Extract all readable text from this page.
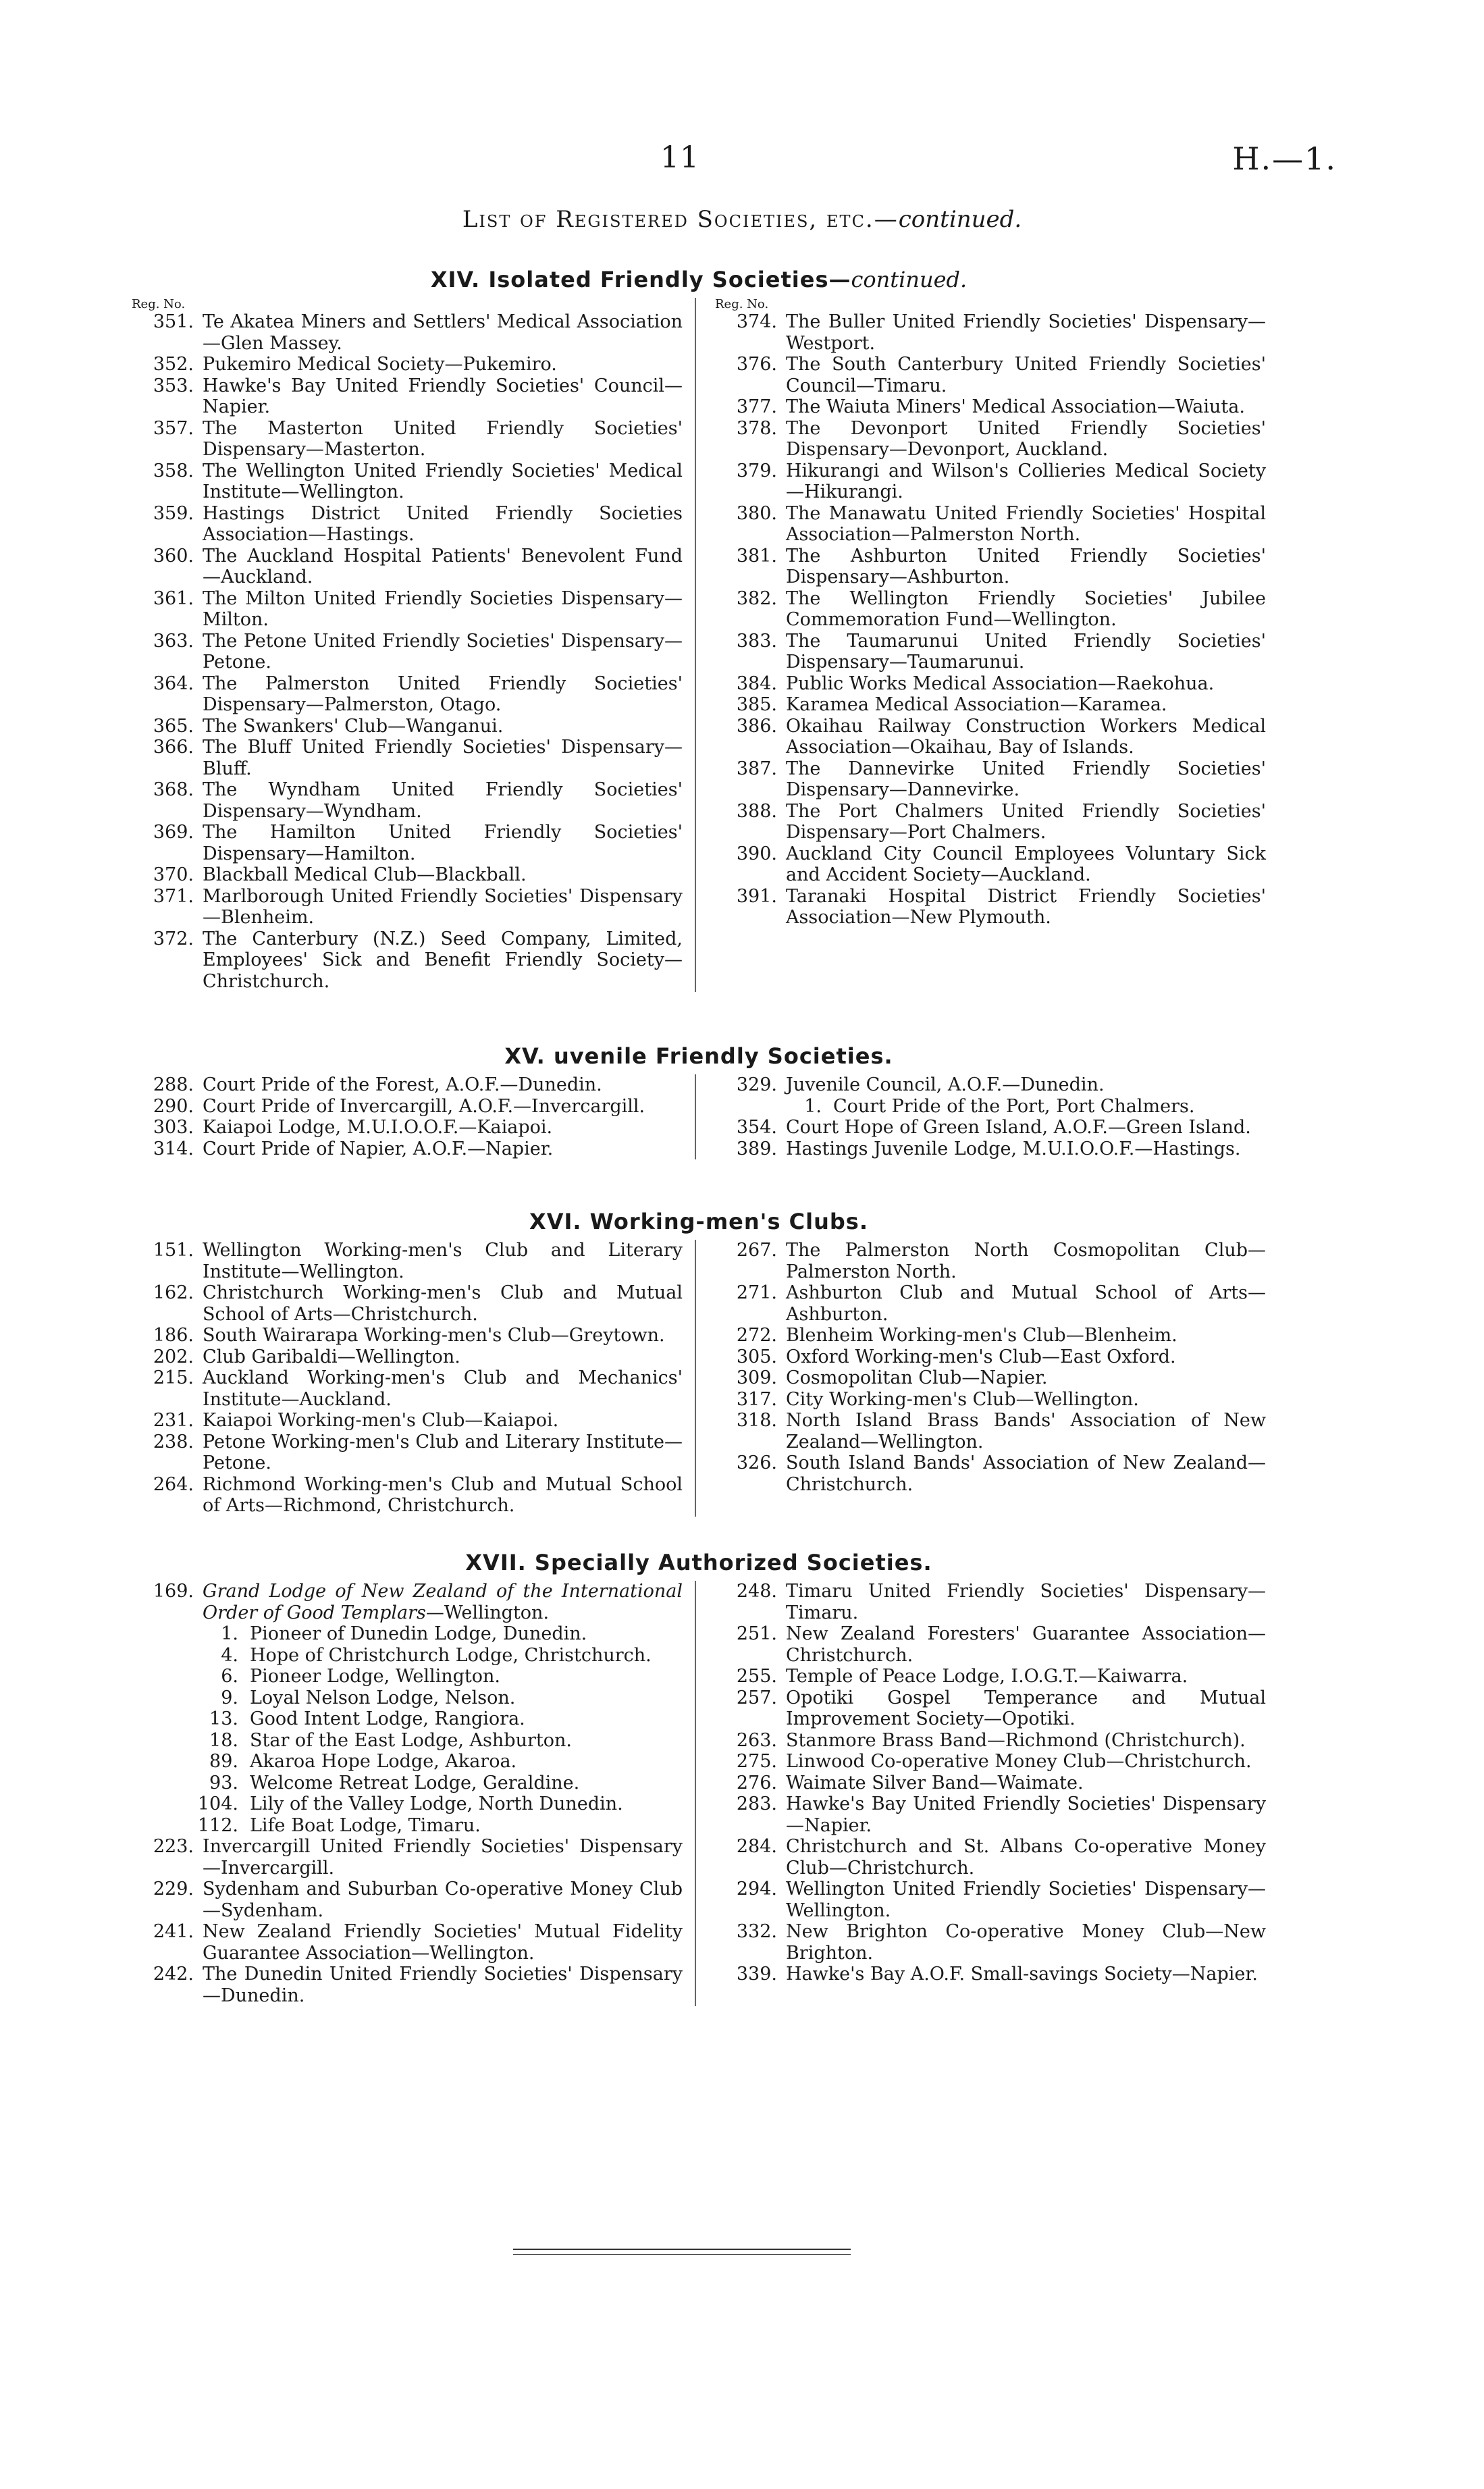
11	H.—1.
List of Registered Societies, etc.—continued.
XIV. Isolated Friendly Societies—continued.
Reg. No.
351. Te Akatea Miners and Settlers' Medical Association—Glen Massey.
352. Pukemiro Medical Society—Pukemiro.
353. Hawke's Bay United Friendly Societies' Council—Napier.
357. The Masterton United Friendly Societies' Dispensary—Masterton.
358. The Wellington United Friendly Societies' Medical Institute—Wellington.
359. Hastings District United Friendly Societies Association—Hastings.
360. The Auckland Hospital Patients' Benevolent Fund —Auckland.
361. The Milton United Friendly Societies Dispensary—Milton.
363. The Petone United Friendly Societies' Dispensary—Petone.
364. The Palmerston United Friendly Societies' Dispensary—Palmerston, Otago.
365. The Swankers' Club—Wanganui.
366. The Bluff United Friendly Societies' Dispensary—Bluff.
368. The Wyndham United Friendly Societies' Dispensary—Wyndham.
369. The Hamilton United Friendly Societies' Dispensary—Hamilton.
370. Blackball Medical Club—Blackball.
371. Marlborough United Friendly Societies' Dispensary —Blenheim.
372. The Canterbury (N.Z.) Seed Company, Limited, Employees' Sick and Benefit Friendly Society—Christchurch.
Reg. No.
374. The Buller United Friendly Societies' Dispensary—Westport.
376. The South Canterbury United Friendly Societies' Council—Timaru.
377. The Waiuta Miners' Medical Association—Waiuta.
378. The Devonport United Friendly Societies' Dispensary—Devonport, Auckland.
379. Hikurangi and Wilson's Collieries Medical Society—Hikurangi.
380. The Manawatu United Friendly Societies' Hospital Association—Palmerston North.
381. The Ashburton United Friendly Societies' Dispensary—Ashburton.
382. The Wellington Friendly Societies' Jubilee Commemoration Fund—Wellington.
383. The Taumarunui United Friendly Societies' Dispensary—Taumarunui.
384. Public Works Medical Association—Raekohua.
385. Karamea Medical Association—Karamea.
386. Okaihau Railway Construction Workers Medical Association—Okaihau, Bay of Islands.
387. The Dannevirke United Friendly Societies' Dispensary—Dannevirke.
388. The Port Chalmers United Friendly Societies' Dispensary—Port Chalmers.
390. Auckland City Council Employees Voluntary Sick and Accident Society—Auckland.
391. Taranaki Hospital District Friendly Societies' Association—New Plymouth.
XV. uvenile Friendly Societies.
288. Court Pride of the Forest, A.O.F.—Dunedin.
290. Court Pride of Invercargill, A.O.F.—Invercargill.
303. Kaiapoi Lodge, M.U.I.O.O.F.—Kaiapoi.
314. Court Pride of Napier, A.O.F.—Napier.
329. Juvenile Council, A.O.F.—Dunedin.
1. Court Pride of the Port, Port Chalmers.
354. Court Hope of Green Island, A.O.F.—Green Island.
389. Hastings Juvenile Lodge, M.U.I.O.O.F.—Hastings.
XVI. Working-men's Clubs.
151. Wellington Working-men's Club and Literary Institute—Wellington.
162. Christchurch Working-men's Club and Mutual School of Arts—Christchurch.
186. South Wairarapa Working-men's Club—Greytown.
202. Club Garibaldi—Wellington.
215. Auckland Working-men's Club and Mechanics' Institute—Auckland.
231. Kaiapoi Working-men's Club—Kaiapoi.
238. Petone Working-men's Club and Literary Institute—Petone.
264. Richmond Working-men's Club and Mutual School of Arts—Richmond, Christchurch.
267. The Palmerston North Cosmopolitan Club—Palmerston North.
271. Ashburton Club and Mutual School of Arts—Ashburton.
272. Blenheim Working-men's Club—Blenheim.
305. Oxford Working-men's Club—East Oxford.
309. Cosmopolitan Club—Napier.
317. City Working-men's Club—Wellington.
318. North Island Brass Bands' Association of New Zealand—Wellington.
326. South Island Bands' Association of New Zealand—Christchurch.
XVII. Specially Authorized Societies.
169. Grand Lodge of New Zealand of the International Order of Good Templars—Wellington.
1. Pioneer of Dunedin Lodge, Dunedin.
4. Hope of Christchurch Lodge, Christchurch.
6. Pioneer Lodge, Wellington.
9. Loyal Nelson Lodge, Nelson.
13. Good Intent Lodge, Rangiora.
18. Star of the East Lodge, Ashburton.
89. Akaroa Hope Lodge, Akaroa.
93. Welcome Retreat Lodge, Geraldine.
104. Lily of the Valley Lodge, North Dunedin.
112. Life Boat Lodge, Timaru.
223. Invercargill United Friendly Societies' Dispensary —Invercargill.
229. Sydenham and Suburban Co-operative Money Club —Sydenham.
241. New Zealand Friendly Societies' Mutual Fidelity Guarantee Association—Wellington.
242. The Dunedin United Friendly Societies' Dispensary —Dunedin.
248. Timaru United Friendly Societies' Dispensary—Timaru.
251. New Zealand Foresters' Guarantee Association—Christchurch.
255. Temple of Peace Lodge, I.O.G.T.—Kaiwarra.
257. Opotiki Gospel Temperance and Mutual Improvement Society—Opotiki.
263. Stanmore Brass Band—Richmond (Christchurch).
275. Linwood Co-operative Money Club—Christchurch.
276. Waimate Silver Band—Waimate.
283. Hawke's Bay United Friendly Societies' Dispensary —Napier.
284. Christchurch and St. Albans Co-operative Money Club—Christchurch.
294. Wellington United Friendly Societies' Dispensary—Wellington.
332. New Brighton Co-operative Money Club—New Brighton.
339. Hawke's Bay A.O.F. Small-savings Society—Napier.
